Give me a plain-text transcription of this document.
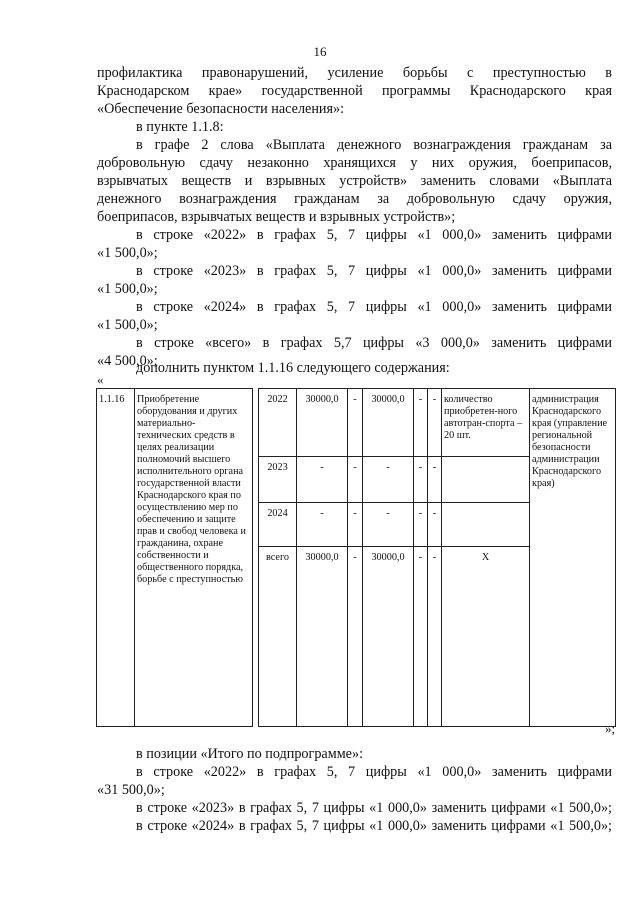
16
профилактика правонарушений, усиление борьбы с преступностью в
Краснодарском крае» государственной программы Краснодарского края
«Обеспечение безопасности населения»:
в пункте 1.1.8:
в графе 2 слова «Выплата денежного вознаграждения гражданам за
добровольную сдачу незаконно хранящихся у них оружия, боеприпасов,
взрывчатых веществ и взрывных устройств» заменить словами «Выплата
денежного вознаграждения гражданам за добровольную сдачу оружия,
боеприпасов, взрывчатых веществ и взрывных устройств»;
в строке «2022» в графах 5, 7 цифры «1 000,0» заменить цифрами
«1 500,0»;
в строке «2023» в графах 5, 7 цифры «1 000,0» заменить цифрами
«1 500,0»;
в строке «2024» в графах 5, 7 цифры «1 000,0» заменить цифрами
«1 500,0»;
в строке «всего» в графах 5,7 цифры «3 000,0» заменить цифрами
«4 500,0»;
дополнить пунктом 1.1.16 следующего содержания:
«
1.1.16	Приобретение оборудования и других материально-технических средств в целях реализации полномочий высшего исполнительного органа государственной власти Краснодарского края по осуществлению мер по обеспечению и защите прав и свобод человека и гражданина, охране собственности и общественного порядка, борьбе с преступностью		2022	30000,0	-	30000,0	-	-	количество приобретен-ного автотран-спорта – 20 шт.	администрация Краснодарского края (управление региональной безопасности администрации Краснодарского края)
			2023	-	-	-	-	-		
			2024	-	-	-	-	-		
			всего	30000,0	-	30000,0	-	-	X	
»;
в позиции «Итого по подпрограмме»:
в строке «2022» в графах 5, 7 цифры «1 000,0» заменить цифрами
«31 500,0»;
в строке «2023» в графах 5, 7 цифры «1 000,0» заменить цифрами «1 500,0»;
в строке «2024» в графах 5, 7 цифры «1 000,0» заменить цифрами «1 500,0»;
